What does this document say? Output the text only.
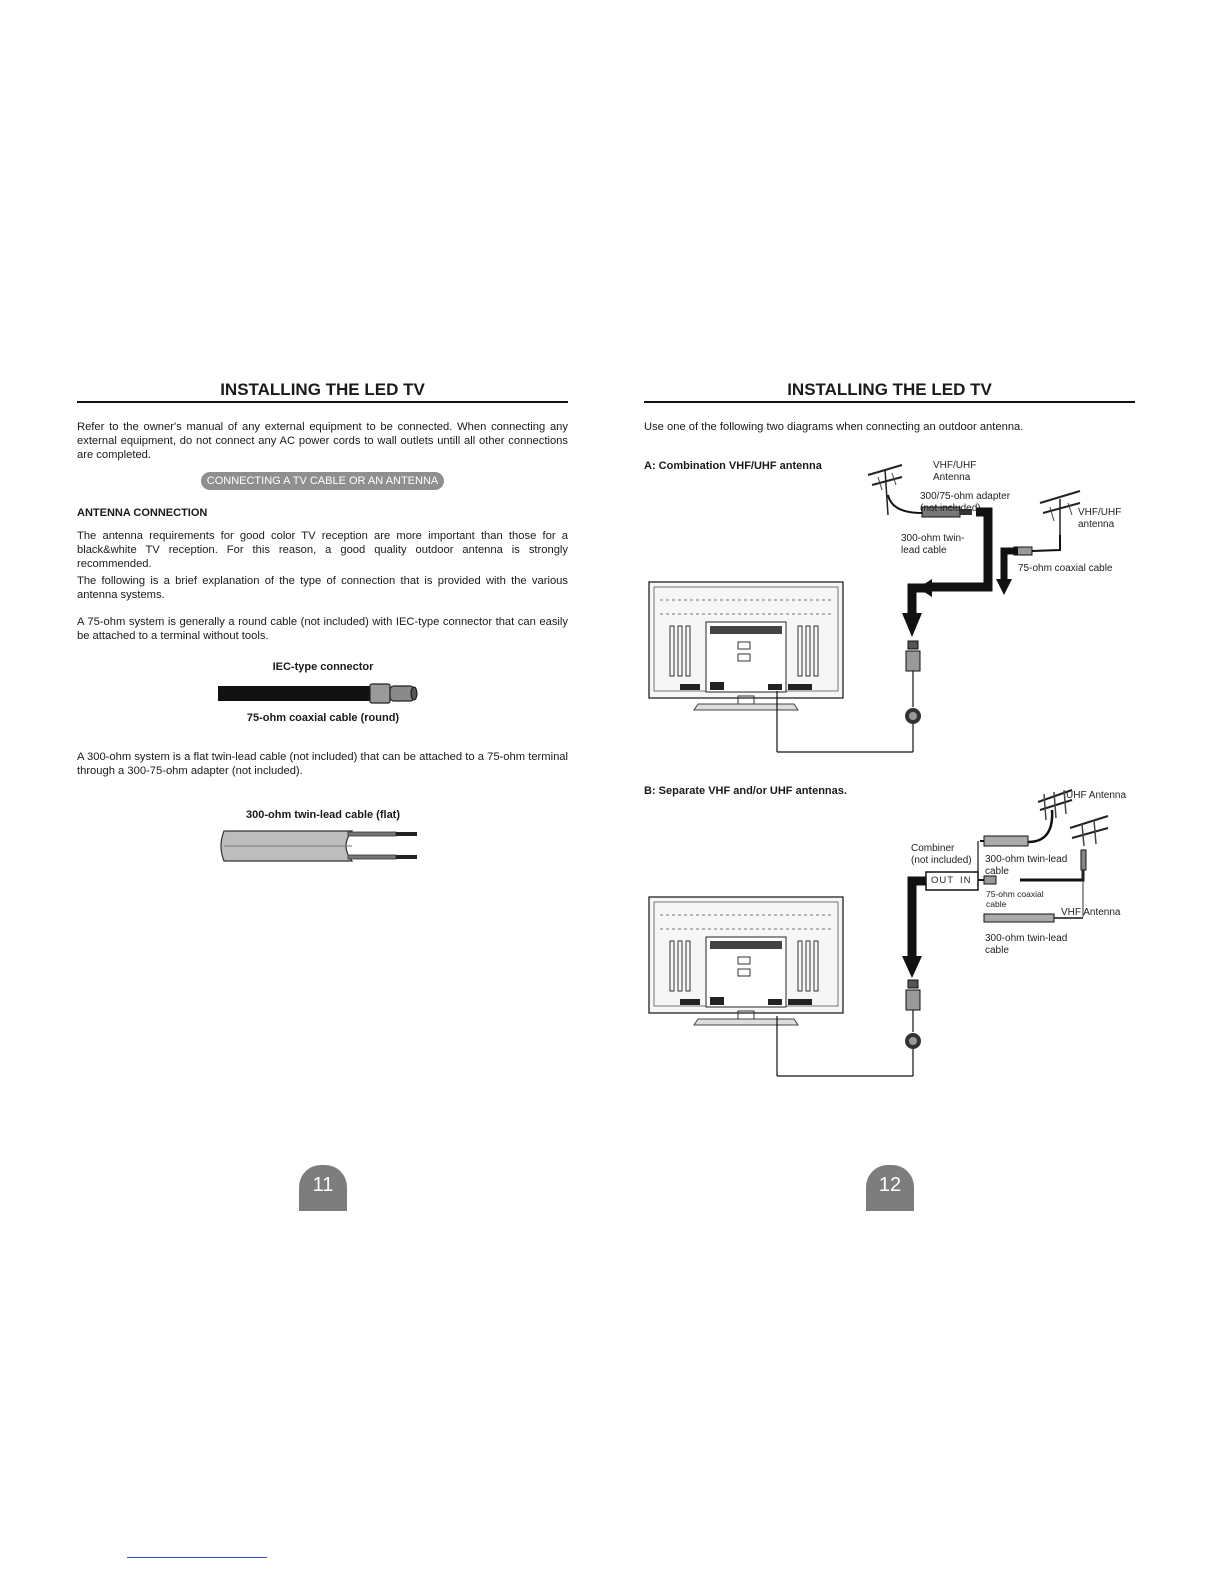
INSTALLING THE LED TV
Refer to the owner's manual of any external equipment to be connected. When connecting any external equipment, do not connect any AC power cords to wall outlets untill all other connections are completed.
CONNECTING A TV CABLE OR AN ANTENNA
ANTENNA CONNECTION
The antenna requirements for good color TV reception are more important than those for a black&white TV reception. For this reason, a good quality outdoor antenna is strongly recommended.
The following is a brief explanation of the type of connection that is provided with the various antenna systems.
A 75-ohm system is generally a round cable (not included) with IEC-type connector that can easily be attached to a terminal without tools.
IEC-type connector
75-ohm coaxial cable (round)
A 300-ohm system is a flat twin-lead cable (not included) that can be attached to a 75-ohm terminal through a 300-75-ohm adapter (not included).
300-ohm twin-lead cable (flat)
11
INSTALLING THE LED TV
Use one of the following two diagrams when connecting an outdoor antenna.
A: Combination VHF/UHF antenna	VHF/UHF
Antenna
300/75-ohm adapter
(not included)	VHF/UHF
antenna
300-ohm twin-
lead cable
75-ohm coaxial cable
B: Separate VHF and/or UHF antennas.	UHF Antenna
Combiner
(not included)
OUT IN
300-ohm twin-lead
cable
75-ohm coaxial
cable
VHF Antenna
300-ohm twin-lead
cable
12
